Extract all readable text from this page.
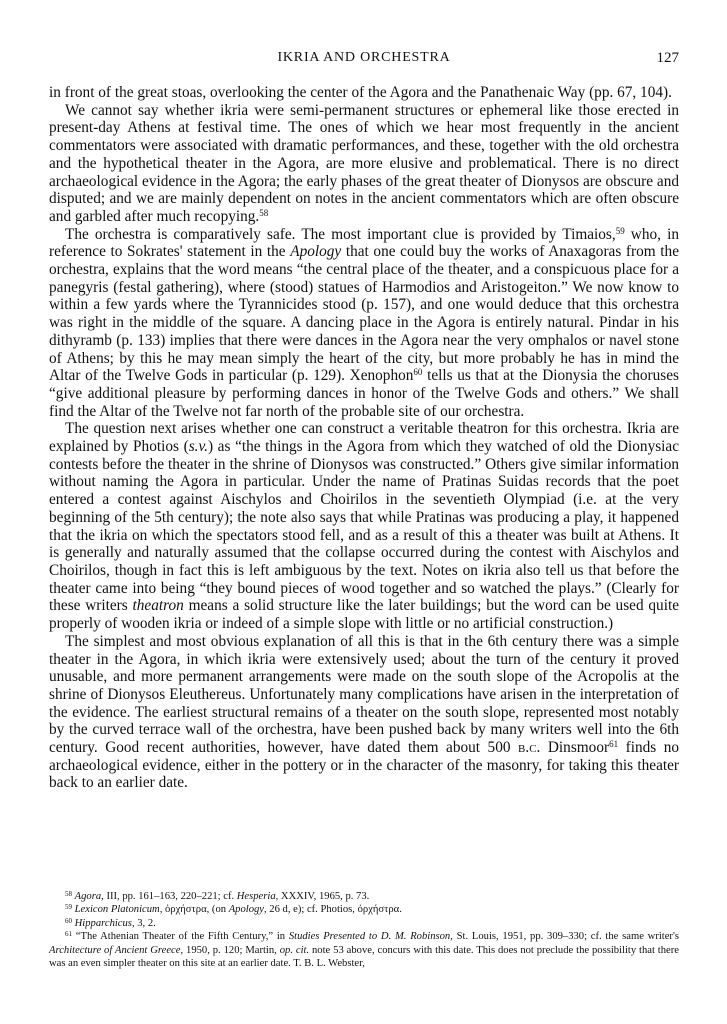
IKRIA AND ORCHESTRA	127

in front of the great stoas, overlooking the center of the Agora and the Panathenaic Way (pp. 67, 104).

We cannot say whether ikria were semi-permanent structures or ephemeral like those erected in present-day Athens at festival time. The ones of which we hear most frequently in the ancient commentators were associated with dramatic performances, and these, together with the old orchestra and the hypothetical theater in the Agora, are more elusive and problematical. There is no direct archaeological evidence in the Agora; the early phases of the great theater of Dionysos are obscure and disputed; and we are mainly dependent on notes in the ancient commentators which are often obscure and garbled after much recopying.$^{58}$

The orchestra is comparatively safe. The most important clue is provided by Timaios,$^{59}$ who, in reference to Sokrates' statement in the Apology that one could buy the works of Anaxagoras from the orchestra, explains that the word means “the central place of the theater, and a conspicuous place for a panegyris (festal gathering), where (stood) statues of Harmodios and Aristogeiton.” We now know to within a few yards where the Tyrannicides stood (p. 157), and one would deduce that this orchestra was right in the middle of the square. A dancing place in the Agora is entirely natural. Pindar in his dithyramb (p. 133) implies that there were dances in the Agora near the very omphalos or navel stone of Athens; by this he may mean simply the heart of the city, but more probably he has in mind the Altar of the Twelve Gods in particular (p. 129). Xenophon$^{60}$ tells us that at the Dionysia the choruses “give additional pleasure by performing dances in honor of the Twelve Gods and others.” We shall find the Altar of the Twelve not far north of the probable site of our orchestra.

The question next arises whether one can construct a veritable theatron for this orchestra. Ikria are explained by Photios (s.v.) as “the things in the Agora from which they watched of old the Dionysiac contests before the theater in the shrine of Dionysos was constructed.” Others give similar information without naming the Agora in particular. Under the name of Pratinas Suidas records that the poet entered a contest against Aischylos and Choirilos in the seventieth Olympiad (i.e. at the very beginning of the 5th century); the note also says that while Pratinas was producing a play, it happened that the ikria on which the spectators stood fell, and as a result of this a theater was built at Athens. It is generally and naturally assumed that the collapse occurred during the contest with Aischylos and Choirilos, though in fact this is left ambiguous by the text. Notes on ikria also tell us that before the theater came into being “they bound pieces of wood together and so watched the plays.” (Clearly for these writers theatron means a solid structure like the later buildings; but the word can be used quite properly of wooden ikria or indeed of a simple slope with little or no artificial construction.)

The simplest and most obvious explanation of all this is that in the 6th century there was a simple theater in the Agora, in which ikria were extensively used; about the turn of the century it proved unusable, and more permanent arrangements were made on the south slope of the Acropolis at the shrine of Dionysos Eleuthereus. Unfortunately many complications have arisen in the interpretation of the evidence. The earliest structural remains of a theater on the south slope, represented most notably by the curved terrace wall of the orchestra, have been pushed back by many writers well into the 6th century. Good recent authorities, however, have dated them about 500 b.c. Dinsmoor$^{61}$ finds no archaeological evidence, either in the pottery or in the character of the masonry, for taking this theater back to an earlier date.

$^{58}$ Agora, III, pp. 161–163, 220–221; cf. Hesperia, XXXIV, 1965, p. 73.

$^{59}$ Lexicon Platonicum, ὀρχήστρα, (on Apology, 26 d, e); cf. Photios, ὀρχήστρα.

$^{60}$ Hipparchicus, 3, 2.

$^{61}$ “The Athenian Theater of the Fifth Century,” in Studies Presented to D. M. Robinson, St. Louis, 1951, pp. 309–330; cf. the same writer's Architecture of Ancient Greece, 1950, p. 120; Martin, op. cit. note 53 above, concurs with this date. This does not preclude the possibility that there was an even simpler theater on this site at an earlier date. T. B. L. Webster,
